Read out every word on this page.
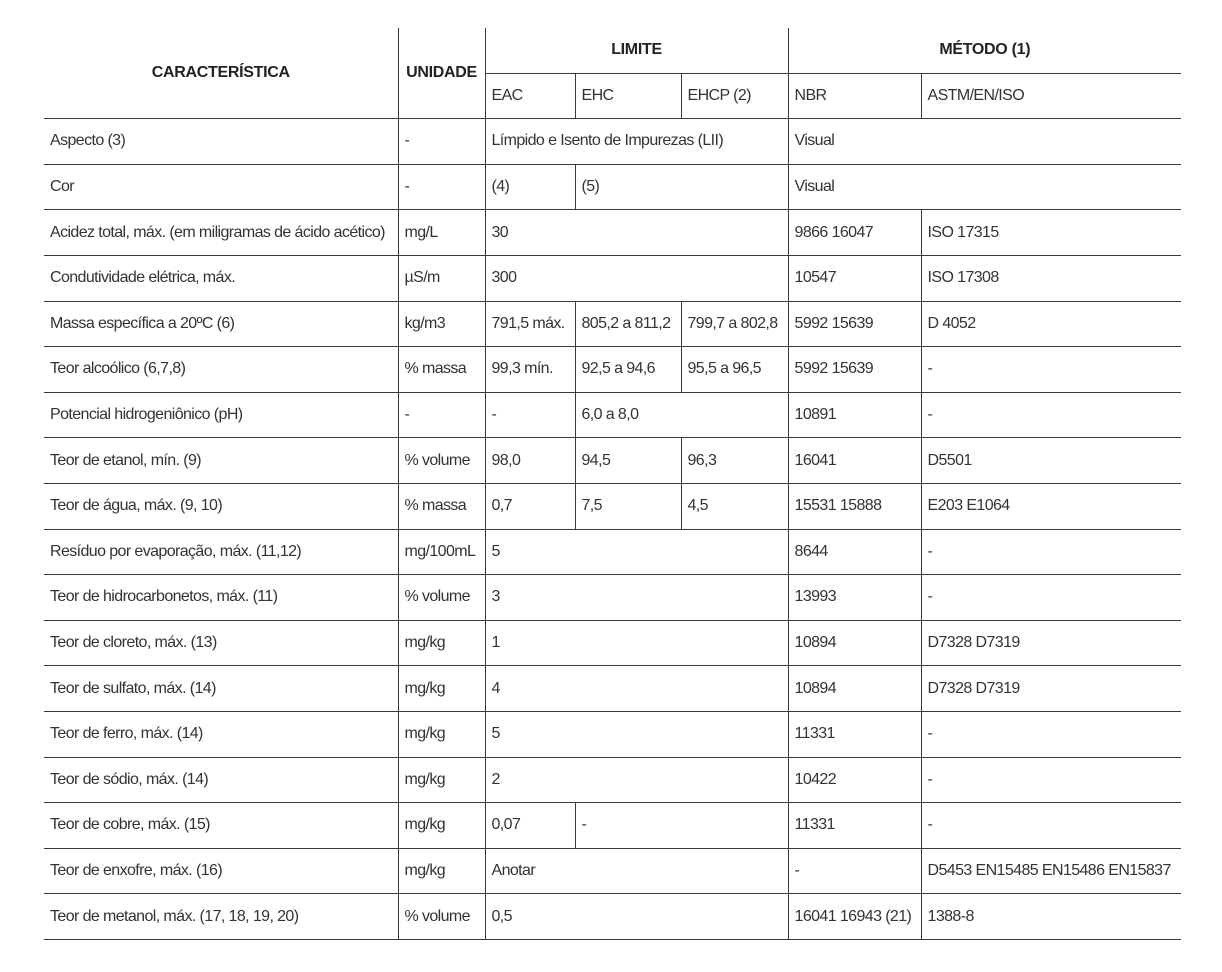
CARACTERÍSTICA	UNIDADE	LIMITE			MÉTODO (1)	
		EAC	EHC	EHCP (2)	NBR	ASTM/EN/ISO
Aspecto (3)	-	Límpido e Isento de Impurezas (LII)			Visual	
Cor	-	(4)	(5)		Visual	
Acidez total, máx. (em miligramas de ácido acético)	mg/L	30			9866 16047	ISO 17315
Condutividade elétrica, máx.	µS/m	300			10547	ISO 17308
Massa específica a 20ºC (6)	kg/m3	791,5 máx.	805,2 a 811,2	799,7 a 802,8	5992 15639	D 4052
Teor alcoólico (6,7,8)	% massa	99,3 mín.	92,5 a 94,6	95,5 a 96,5	5992 15639	-
Potencial hidrogeniônico (pH)	-	-	6,0 a 8,0		10891	-
Teor de etanol, mín. (9)	% volume	98,0	94,5	96,3	16041	D5501
Teor de água, máx. (9, 10)	% massa	0,7	7,5	4,5	15531 15888	E203 E1064
Resíduo por evaporação, máx. (11,12)	mg/100mL	5			8644	-
Teor de hidrocarbonetos, máx. (11)	% volume	3			13993	-
Teor de cloreto, máx. (13)	mg/kg	1			10894	D7328 D7319
Teor de sulfato, máx. (14)	mg/kg	4			10894	D7328 D7319
Teor de ferro, máx. (14)	mg/kg	5			11331	-
Teor de sódio, máx. (14)	mg/kg	2			10422	-
Teor de cobre, máx. (15)	mg/kg	0,07	-		11331	-
Teor de enxofre, máx. (16)	mg/kg	Anotar			-	D5453 EN15485 EN15486 EN15837
Teor de metanol, máx. (17, 18, 19, 20)	% volume	0,5			16041 16943 (21)	1388-8
